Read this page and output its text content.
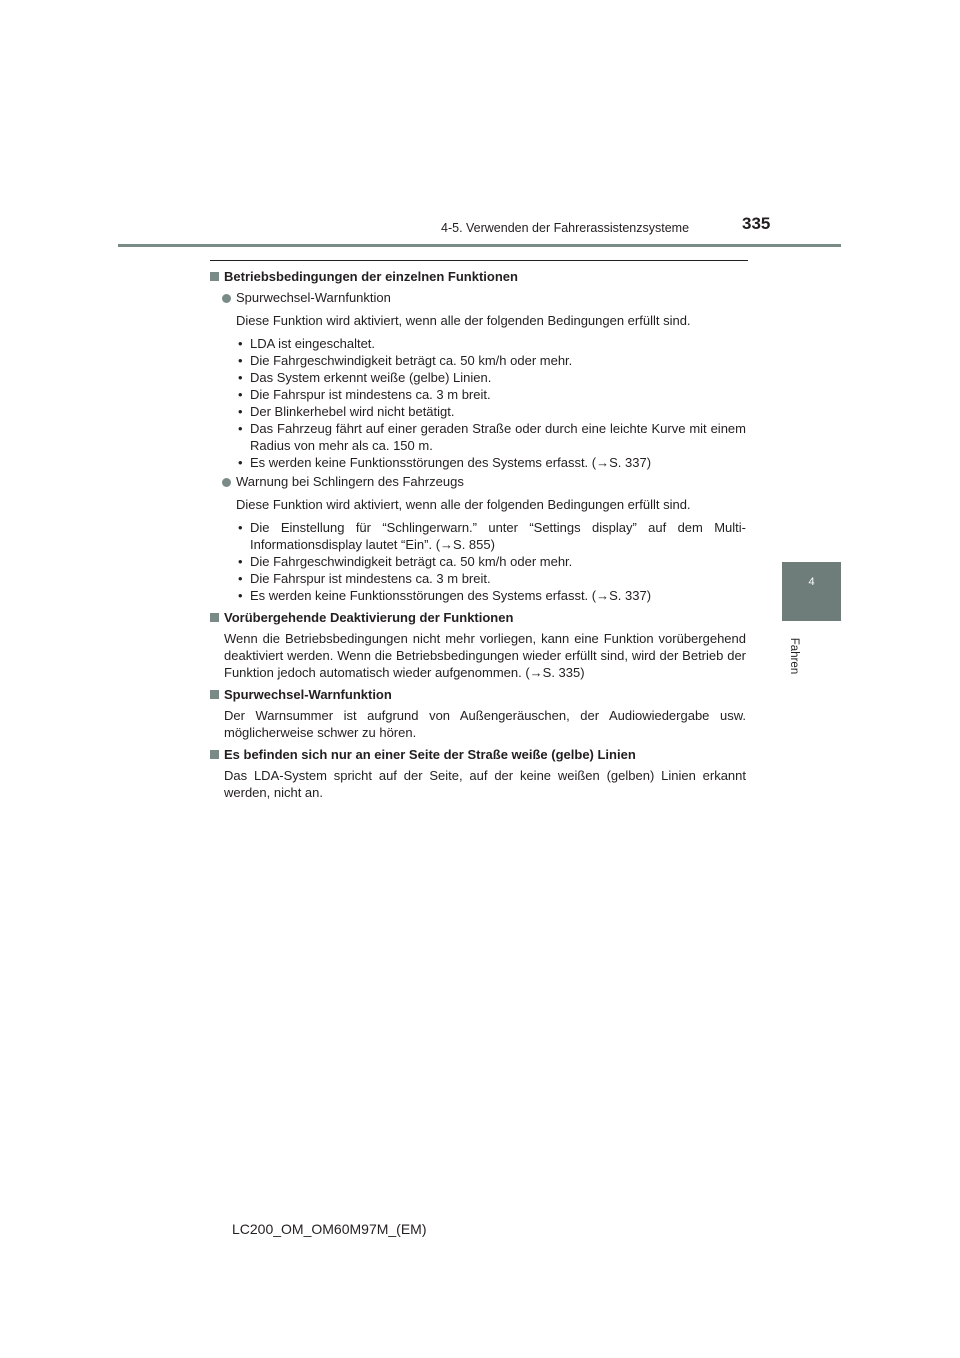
4-5. Verwenden der Fahrerassistenzsysteme	335
4
Fahren
Betriebsbedingungen der einzelnen Funktionen
Spurwechsel-Warnfunktion
Diese Funktion wird aktiviert, wenn alle der folgenden Bedingungen erfüllt sind.
• LDA ist eingeschaltet.
• Die Fahrgeschwindigkeit beträgt ca. 50 km/h oder mehr.
• Das System erkennt weiße (gelbe) Linien.
• Die Fahrspur ist mindestens ca. 3 m breit.
• Der Blinkerhebel wird nicht betätigt.
• Das Fahrzeug fährt auf einer geraden Straße oder durch eine leichte Kurve mit einem Radius von mehr als ca. 150 m.
• Es werden keine Funktionsstörungen des Systems erfasst. (→S. 337)
Warnung bei Schlingern des Fahrzeugs
Diese Funktion wird aktiviert, wenn alle der folgenden Bedingungen erfüllt sind.
• Die Einstellung für “Schlingerwarn.” unter “Settings display” auf dem Multi-Informationsdisplay lautet “Ein”. (→S. 855)
• Die Fahrgeschwindigkeit beträgt ca. 50 km/h oder mehr.
• Die Fahrspur ist mindestens ca. 3 m breit.
• Es werden keine Funktionsstörungen des Systems erfasst. (→S. 337)
Vorübergehende Deaktivierung der Funktionen
Wenn die Betriebsbedingungen nicht mehr vorliegen, kann eine Funktion vorübergehend deaktiviert werden. Wenn die Betriebsbedingungen wieder erfüllt sind, wird der Betrieb der Funktion jedoch automatisch wieder aufgenommen. (→S. 335)
Spurwechsel-Warnfunktion
Der Warnsummer ist aufgrund von Außengeräuschen, der Audiowiedergabe usw. möglicherweise schwer zu hören.
Es befinden sich nur an einer Seite der Straße weiße (gelbe) Linien
Das LDA-System spricht auf der Seite, auf der keine weißen (gelben) Linien erkannt werden, nicht an.
LC200_OM_OM60M97M_(EM)
